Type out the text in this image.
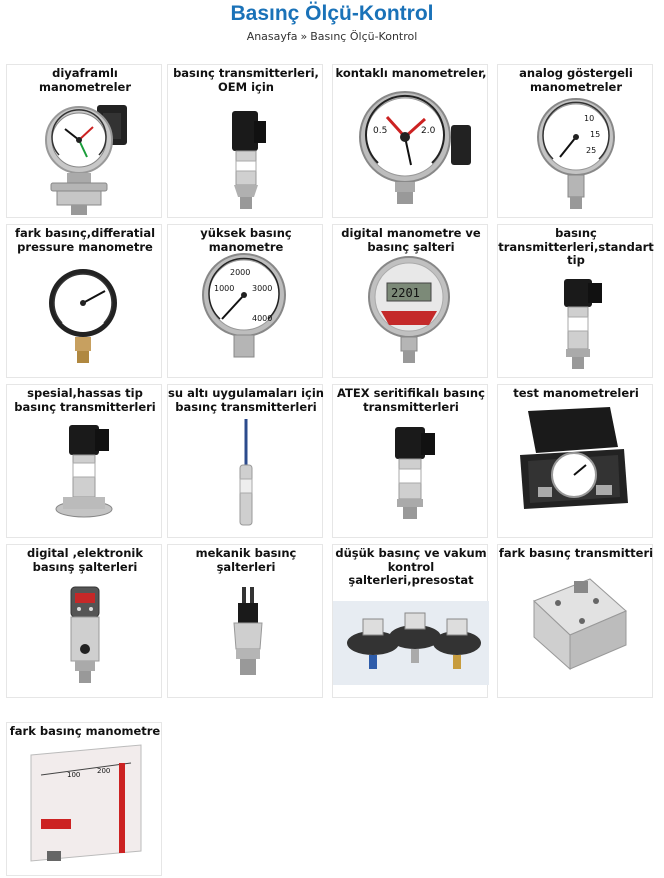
Basınç Ölçü-Kontrol
Anasayfa » Basınç Ölçü-Kontrol
diyaframlı manometreler
basınç transmitterleri, OEM için
kontaklı manometreler,
0.5	2.0
analog göstergeli manometreler
10
15
25
fark basınç,differatial pressure manometre
yüksek basınç manometre
2000
1000 3000
4000
digital manometre ve basınç şalteri
2201
basınç transmitterleri,standart tip
spesial,hassas tip basınç transmitterleri
su altı uygulamaları için basınç transmitterleri
ATEX seritifikalı basınç transmitterleri
test manometreleri
digital ,elektronik basınş şalterleri
mekanik basınç şalterleri
düşük basınç ve vakum kontrol şalterleri,presostat
fark basınç transmitteri
fark basınç manometre
100 200
